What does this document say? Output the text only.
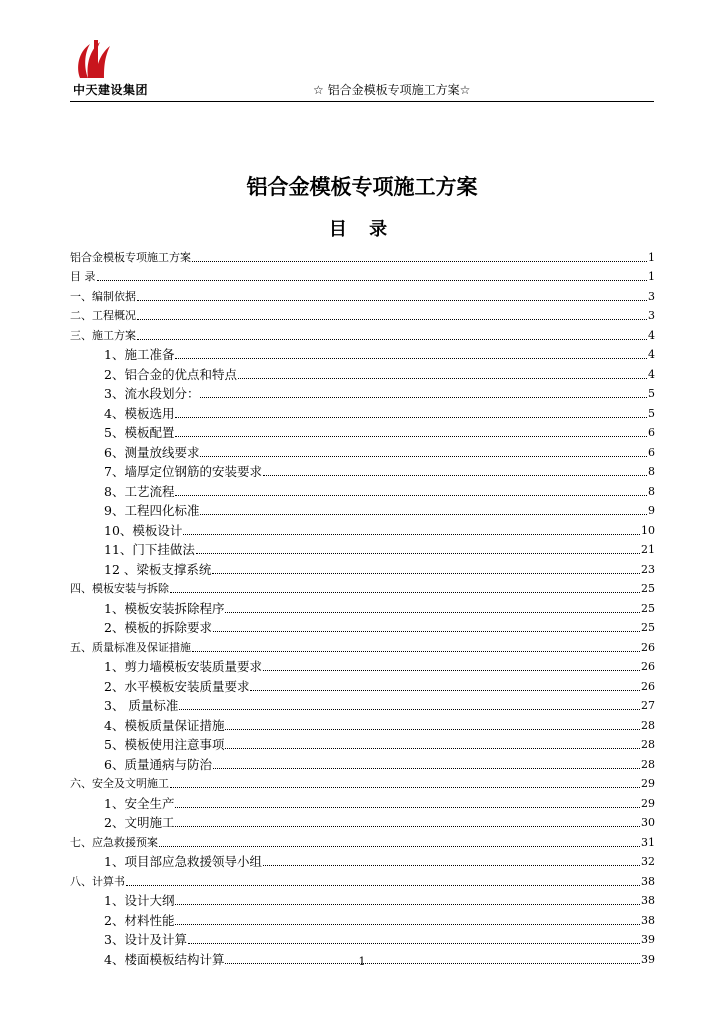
中天建设集团	☆ 铝合金模板专项施工方案☆
铝合金模板专项施工方案
目 录
铝合金模板专项施工方案	1
目 录	1
一、编制依据	3
二、工程概况	3
三、施工方案	4
1、施工准备	4
2、铝合金的优点和特点	4
3、流水段划分：	5
4、模板选用	5
5、模板配置	6
6、测量放线要求	6
7、墙厚定位钢筋的安装要求	8
8、工艺流程	8
9、工程四化标准	9
10、模板设计	10
11、门下挂做法	21
12 、梁板支撑系统	23
四、模板安装与拆除	25
1、模板安装拆除程序	25
2、模板的拆除要求	25
五、质量标准及保证措施	26
1、剪力墙模板安装质量要求	26
2、水平模板安装质量要求	26
3、 质量标准	27
4、模板质量保证措施	28
5、模板使用注意事项	28
6、质量通病与防治	28
六、安全及文明施工	29
1、安全生产	29
2、文明施工	30
七、应急救援预案	31
1、项目部应急救援领导小组	32
八、计算书	38
1、设计大纲	38
2、材料性能	38
3、设计及计算	39
4、楼面模板结构计算	39
1
